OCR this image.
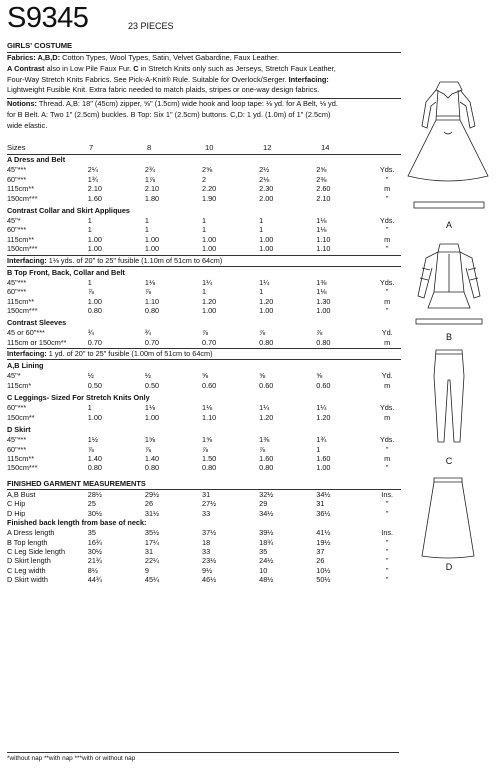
S9345	23 PIECES
GIRLS' COSTUME
Fabrics: A,B,D: Cotton Types, Wool Types, Satin, Velvet Gabardine, Faux Leather.
A Contrast also in Low Pile Faux Fur. C in Stretch Knits only such as Jerseys, Stretch Faux Leather,
Four-Way Stretch Knits Fabrics. See Pick-A-Knit® Rule. Suitable for Overlock/Serger. Interfacing:
Lightweight Fusible Knit. Extra fabric needed to match plaids, stripes or one-way design fabrics.
Notions: Thread. A,B: 18" (45cm) zipper, ⅝" (1.5cm) wide hook and loop tape: ⅛ yd. for A Belt, ⅛ yd.
for B Belt. A: Two 1" (2.5cm) buckles. B Top: Six 1" (2.5cm) buttons. C,D: 1 yd. (1.0m) of 1" (2.5cm)
wide elastic.
Sizes	7	8	10	12	14
A Dress and Belt
45"***	2¼	2¾	2⅝	2½	2⅝	Yds.
60"***	1¾	1⅞	2	2⅛	2⅜	"
115cm**	2.10	2.10	2.20	2.30	2.60	m
150cm***	1.60	1.80	1.90	2.00	2.10	"
Contrast Collar and Skirt Appliques
45"*	1	1	1	1	1⅛	Yds.
60"***	1	1	1	1	1⅛	"
115cm**	1.00	1.00	1.00	1.00	1.10	m
150cm***	1.00	1.00	1.00	1.00	1.10	"
Interfacing: 1⅛ yds. of 20" to 25" fusible (1.10m of 51cm to 64cm)
B Top Front, Back, Collar and Belt
45"***	1	1⅛	1¼	1¼	1⅜	Yds.
60"***	⅞	⅞	1	1	1⅛	"
115cm**	1.00	1.10	1.20	1.20	1.30	m
150cm***	0.80	0.80	1.00	1.00	1.00	"
Contrast Sleeves
45 or 60"***	¾	¾	⅞	⅞	⅞	Yd.
115cm or 150cm**	0.70	0.70	0.70	0.80	0.80	m
Interfacing: 1 yd. of 20" to 25" fusible (1.00m of 51cm to 64cm)
A,B Lining
45"*	½	½	⅝	⅝	⅝	Yd.
115cm*	0.50	0.50	0.60	0.60	0.60	m
C Leggings- Sized For Stretch Knits Only
60"***	1	1⅛	1⅛	1¼	1¼	Yds.
150cm**	1.00	1.00	1.10	1.20	1.20	m
D Skirt
45"***	1½	1⅝	1⅝	1⅜	1¾	Yds.
60"***	⅞	⅞	⅞	⅞	1	"
115cm**	1.40	1.40	1.50	1.60	1.60	m
150cm***	0.80	0.80	0.80	0.80	1.00	"
FINISHED GARMENT MEASUREMENTS
A,B Bust	28½	29½	31	32½	34½	Ins.
C Hip	25	26	27½	29	31	"
D Hip	30½	31½	33	34½	36½	"
Finished back length from base of neck:
A Dress length	35	35½	37½	39½	41½	Ins.
B Top length	16¾	17¼	18	18¾	19½	"
C Leg Side length	30½	31	33	35	37	"
D Skirt length	21¾	22¼	23½	24½	26	"
C Leg width	8½	9	9½	10	10½	"
D Skirt width	44¾	45¼	46½	48½	50½	"
*without nap **with nap ***with or without nap
A
B
C
D
